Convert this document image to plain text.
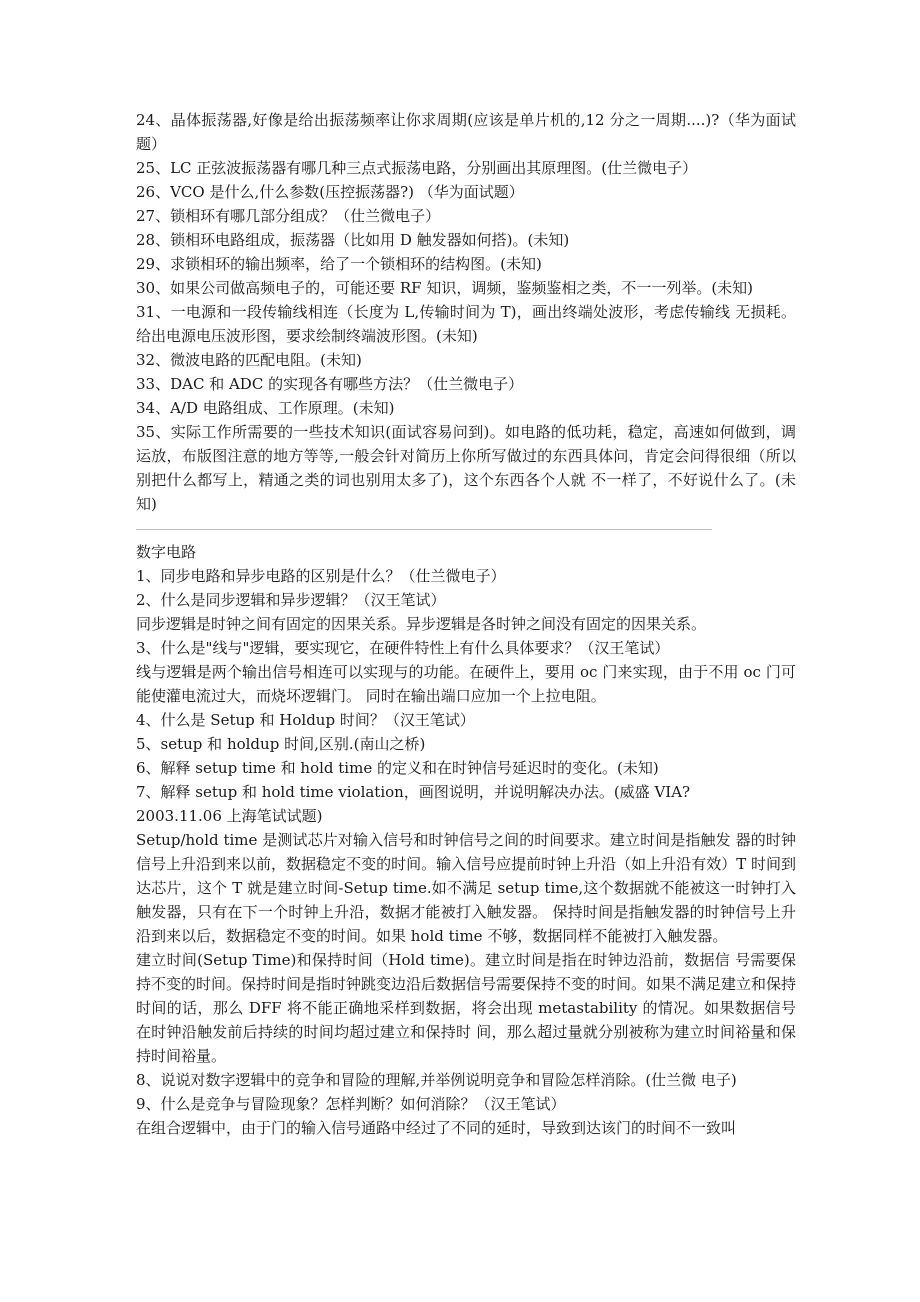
24、晶体振荡器,好像是给出振荡频率让你求周期(应该是单片机的,12 分之一周期....)?（华为面试题）

25、LC 正弦波振荡器有哪几种三点式振荡电路，分别画出其原理图。(仕兰微电子）

26、VCO 是什么,什么参数(压控振荡器?) （华为面试题）

27、锁相环有哪几部分组成？（仕兰微电子）

28、锁相环电路组成，振荡器（比如用 D 触发器如何搭)。(未知)

29、求锁相环的输出频率，给了一个锁相环的结构图。(未知)

30、如果公司做高频电子的，可能还要 RF 知识，调频，鉴频鉴相之类，不一一列举。(未知)

31、一电源和一段传输线相连（长度为 L,传输时间为 T)，画出终端处波形，考虑传输线 无损耗。给出电源电压波形图，要求绘制终端波形图。(未知)

32、微波电路的匹配电阻。(未知)

33、DAC 和 ADC 的实现各有哪些方法？（仕兰微电子）

34、A/D 电路组成、工作原理。(未知)

35、实际工作所需要的一些技术知识(面试容易问到)。如电路的低功耗，稳定，高速如何做到，调运放，布版图注意的地方等等,一般会针对简历上你所写做过的东西具体问，肯定会问得很细（所以别把什么都写上，精通之类的词也别用太多了)，这个东西各个人就 不一样了，不好说什么了。(未知)

数字电路

1、同步电路和异步电路的区别是什么？（仕兰微电子）

2、什么是同步逻辑和异步逻辑？（汉王笔试）

同步逻辑是时钟之间有固定的因果关系。异步逻辑是各时钟之间没有固定的因果关系。

3、什么是"线与"逻辑，要实现它，在硬件特性上有什么具体要求？（汉王笔试）

线与逻辑是两个输出信号相连可以实现与的功能。在硬件上，要用 oc 门来实现，由于不用 oc 门可能使灌电流过大，而烧坏逻辑门。 同时在输出端口应加一个上拉电阻。

4、什么是 Setup 和 Holdup 时间？（汉王笔试）

5、setup 和 holdup 时间,区别.(南山之桥)

6、解释 setup time 和 hold time 的定义和在时钟信号延迟时的变化。(未知)

7、解释 setup 和 hold time violation，画图说明，并说明解决办法。(威盛 VIA?

2003.11.06 上海笔试试题)

Setup/hold time 是测试芯片对输入信号和时钟信号之间的时间要求。建立时间是指触发 器的时钟信号上升沿到来以前，数据稳定不变的时间。输入信号应提前时钟上升沿（如上升沿有效）T 时间到达芯片，这个 T 就是建立时间-Setup time.如不满足 setup time,这个数据就不能被这一时钟打入触发器，只有在下一个时钟上升沿，数据才能被打入触发器。 保持时间是指触发器的时钟信号上升沿到来以后，数据稳定不变的时间。如果 hold time 不够，数据同样不能被打入触发器。

建立时间(Setup Time)和保持时间（Hold time)。建立时间是指在时钟边沿前，数据信 号需要保持不变的时间。保持时间是指时钟跳变边沿后数据信号需要保持不变的时间。如果不满足建立和保持时间的话，那么 DFF 将不能正确地采样到数据，将会出现 metastability 的情况。如果数据信号在时钟沿触发前后持续的时间均超过建立和保持时 间，那么超过量就分别被称为建立时间裕量和保持时间裕量。

8、说说对数字逻辑中的竞争和冒险的理解,并举例说明竞争和冒险怎样消除。(仕兰微 电子)

9、什么是竞争与冒险现象？怎样判断？如何消除？（汉王笔试）

在组合逻辑中，由于门的输入信号通路中经过了不同的延时，导致到达该门的时间不一致叫
